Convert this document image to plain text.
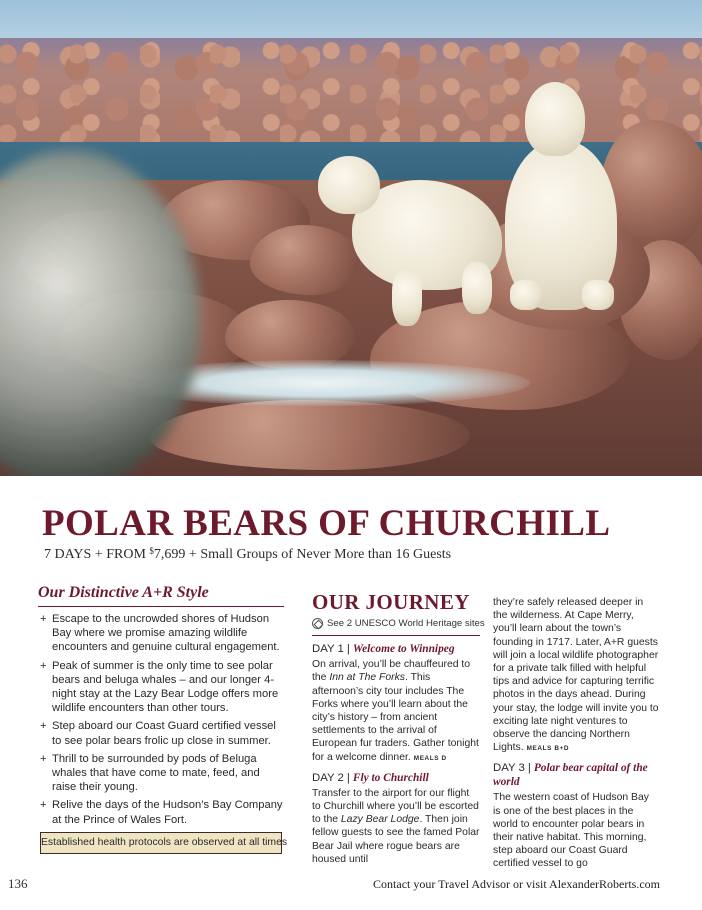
POLAR BEARS OF CHURCHILL
7 DAYS + FROM $7,699 + Small Groups of Never More than 16 Guests
Our Distinctive A+R Style
+ Escape to the uncrowded shores of Hudson Bay where we promise amazing wildlife encounters and genuine cultural engagement.
+ Peak of summer is the only time to see polar bears and beluga whales – and our longer 4-night stay at the Lazy Bear Lodge offers more wildlife encounters than other tours.
+ Step aboard our Coast Guard certified vessel to see polar bears frolic up close in summer.
+ Thrill to be surrounded by pods of Beluga whales that have come to mate, feed, and raise their young.
+ Relive the days of the Hudson’s Bay Company at the Prince of Wales Fort.
Established health protocols are observed at all times
OUR JOURNEY
See 2 UNESCO World Heritage sites
DAY 1 | Welcome to Winnipeg

On arrival, you’ll be chauffeured to the Inn at The Forks. This afternoon’s city tour includes The Forks where you’ll learn about the city’s history – from ancient settlements to the arrival of European fur traders. Gather tonight for a welcome dinner. MEALS D

DAY 2 | Fly to Churchill

Transfer to the airport for our flight to Churchill where you’ll be escorted to the Lazy Bear Lodge. Then join fellow guests to see the famed Polar Bear Jail where rogue bears are housed until

they’re safely released deeper in the wilderness. At Cape Merry, you’ll learn about the town’s founding in 1717. Later, A+R guests will join a local wildlife photographer for a private talk filled with helpful tips and advice for capturing terrific photos in the days ahead. During your stay, the lodge will invite you to exciting late night ventures to observe the dancing Northern Lights. MEALS B+D

DAY 3 | Polar bear capital of the world

The western coast of Hudson Bay is one of the best places in the world to encounter polar bears in their native habitat. This morning, step aboard our Coast Guard certified vessel to go

136	Contact your Travel Advisor or visit AlexanderRoberts.com
